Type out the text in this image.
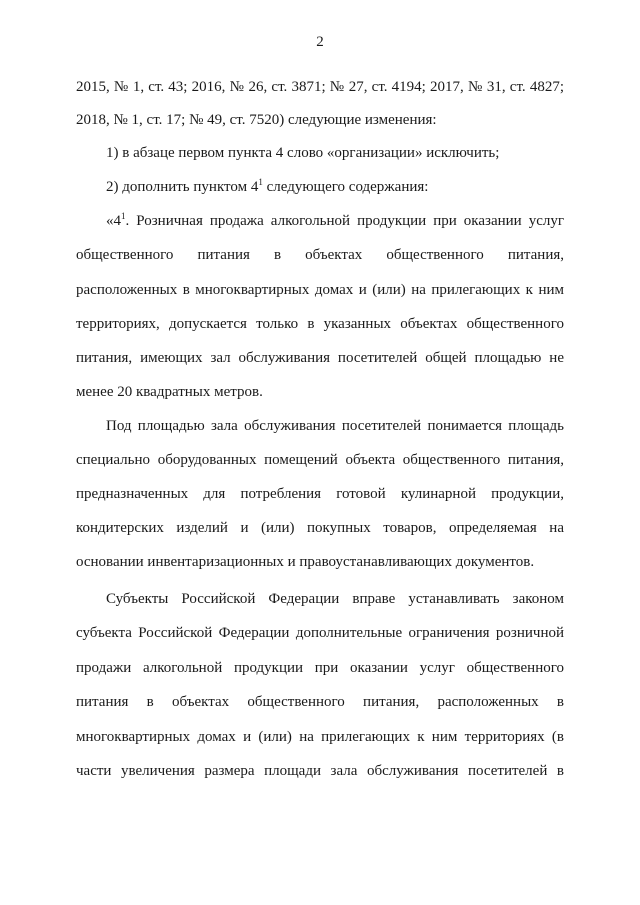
2
2015, № 1, ст. 43; 2016, № 26, ст. 3871; № 27, ст. 4194; 2017, № 31, ст. 4827;
2018, № 1, ст. 17; № 49, ст. 7520) следующие изменения:
1) в абзаце первом пункта 4 слово «организации» исключить;
2) дополнить пунктом $4^1$ следующего содержания:
«$4^1$. Розничная продажа алкогольной продукции при оказании услуг
общественного питания в объектах общественного питания,
расположенных в многоквартирных домах и (или) на прилегающих к ним
территориях, допускается только в указанных объектах общественного
питания, имеющих зал обслуживания посетителей общей площадью не
менее 20 квадратных метров.
Под площадью зала обслуживания посетителей понимается площадь
специально оборудованных помещений объекта общественного питания,
предназначенных для потребления готовой кулинарной продукции,
кондитерских изделий и (или) покупных товаров, определяемая на
основании инвентаризационных и правоустанавливающих документов.
Субъекты Российской Федерации вправе устанавливать законом
субъекта Российской Федерации дополнительные ограничения розничной
продажи алкогольной продукции при оказании услуг общественного
питания в объектах общественного питания, расположенных в
многоквартирных домах и (или) на прилегающих к ним территориях (в
части увеличения размера площади зала обслуживания посетителей в
